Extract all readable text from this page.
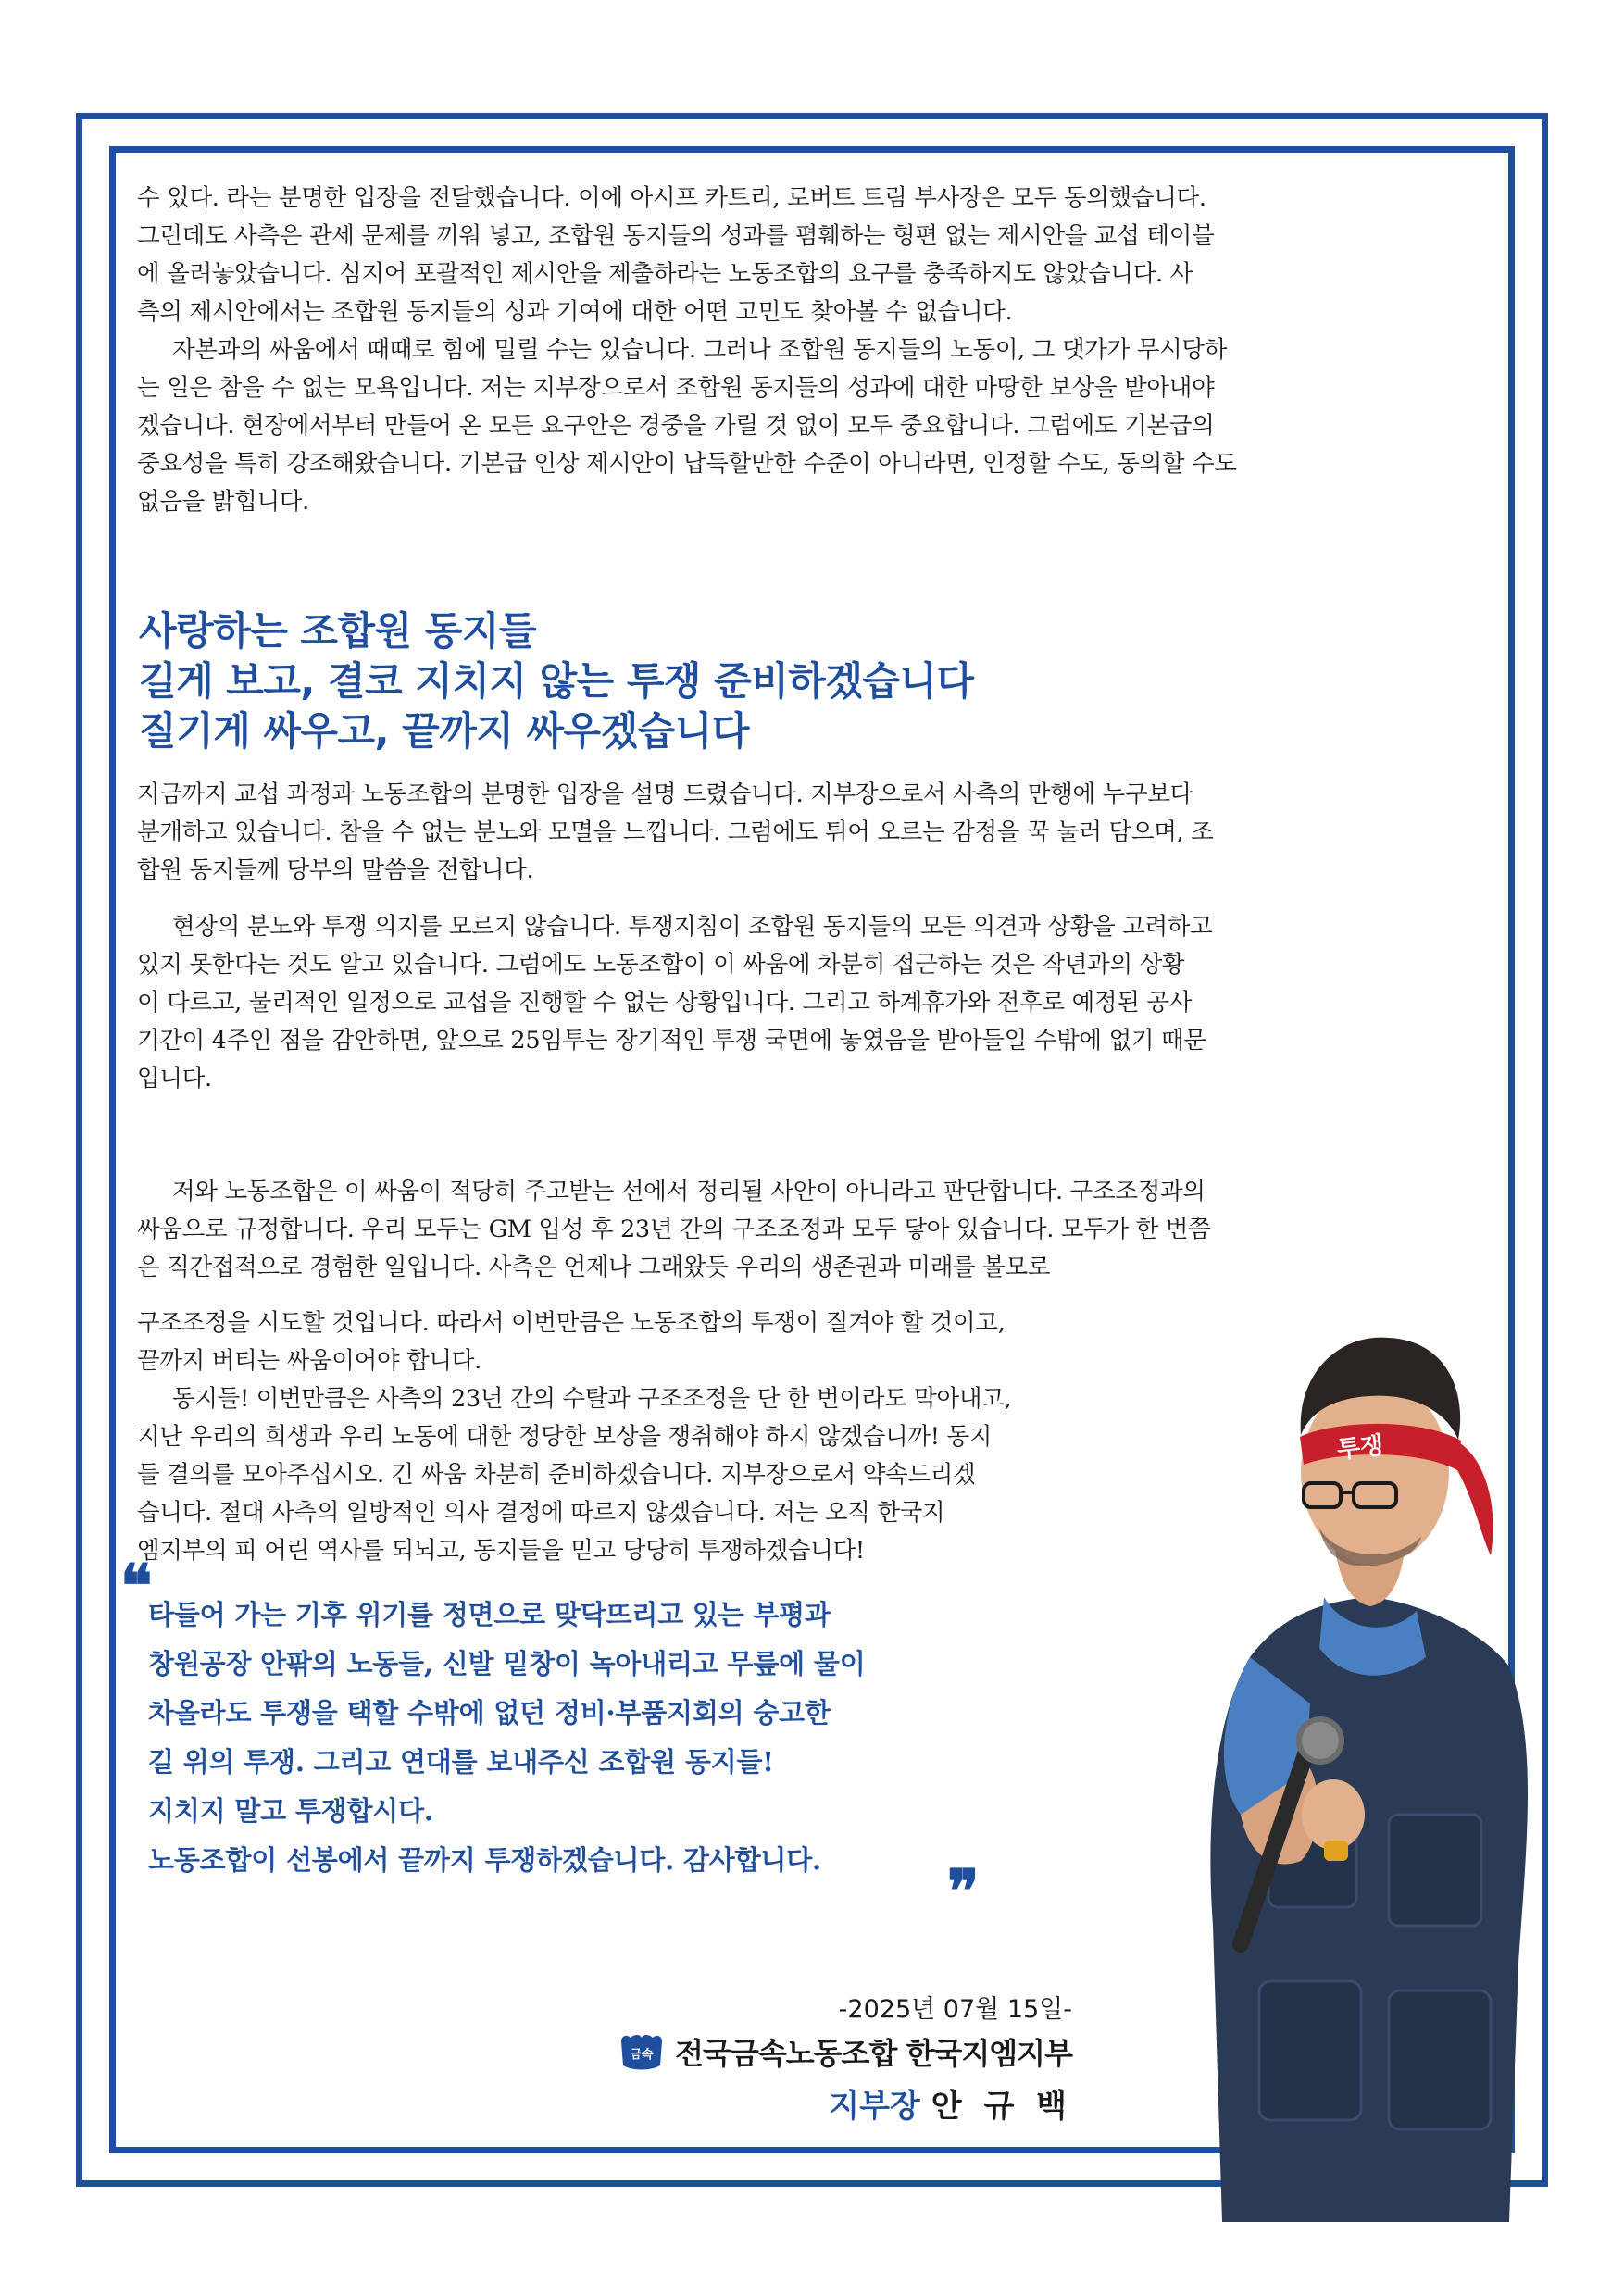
수 있다. 라는 분명한 입장을 전달했습니다. 이에 아시프 카트리, 로버트 트림 부사장은 모두 동의했습니다.
그런데도 사측은 관세 문제를 끼워 넣고, 조합원 동지들의 성과를 폄훼하는 형편 없는 제시안을 교섭 테이블
에 올려놓았습니다. 심지어 포괄적인 제시안을 제출하라는 노동조합의 요구를 충족하지도 않았습니다. 사
측의 제시안에서는 조합원 동지들의 성과 기여에 대한 어떤 고민도 찾아볼 수 없습니다.
자본과의 싸움에서 때때로 힘에 밀릴 수는 있습니다. 그러나 조합원 동지들의 노동이, 그 댓가가 무시당하
는 일은 참을 수 없는 모욕입니다. 저는 지부장으로서 조합원 동지들의 성과에 대한 마땅한 보상을 받아내야
겠습니다. 현장에서부터 만들어 온 모든 요구안은 경중을 가릴 것 없이 모두 중요합니다. 그럼에도 기본급의
중요성을 특히 강조해왔습니다. 기본급 인상 제시안이 납득할만한 수준이 아니라면, 인정할 수도, 동의할 수도
없음을 밝힙니다.
사랑하는 조합원 동지들
길게 보고, 결코 지치지 않는 투쟁 준비하겠습니다
질기게 싸우고, 끝까지 싸우겠습니다
지금까지 교섭 과정과 노동조합의 분명한 입장을 설명 드렸습니다. 지부장으로서 사측의 만행에 누구보다
분개하고 있습니다. 참을 수 없는 분노와 모멸을 느낍니다. 그럼에도 튀어 오르는 감정을 꾹 눌러 담으며, 조
합원 동지들께 당부의 말씀을 전합니다.
현장의 분노와 투쟁 의지를 모르지 않습니다. 투쟁지침이 조합원 동지들의 모든 의견과 상황을 고려하고
있지 못한다는 것도 알고 있습니다. 그럼에도 노동조합이 이 싸움에 차분히 접근하는 것은 작년과의 상황
이 다르고, 물리적인 일정으로 교섭을 진행할 수 없는 상황입니다. 그리고 하계휴가와 전후로 예정된 공사
기간이 4주인 점을 감안하면, 앞으로 25임투는 장기적인 투쟁 국면에 놓였음을 받아들일 수밖에 없기 때문
입니다.
저와 노동조합은 이 싸움이 적당히 주고받는 선에서 정리될 사안이 아니라고 판단합니다. 구조조정과의
싸움으로 규정합니다. 우리 모두는 GM 입성 후 23년 간의 구조조정과 모두 닿아 있습니다. 모두가 한 번쯤
은 직간접적으로 경험한 일입니다. 사측은 언제나 그래왔듯 우리의 생존권과 미래를 볼모로
구조조정을 시도할 것입니다. 따라서 이번만큼은 노동조합의 투쟁이 질겨야 할 것이고,
끝까지 버티는 싸움이어야 합니다.
동지들! 이번만큼은 사측의 23년 간의 수탈과 구조조정을 단 한 번이라도 막아내고,
지난 우리의 희생과 우리 노동에 대한 정당한 보상을 쟁취해야 하지 않겠습니까! 동지
들 결의를 모아주십시오. 긴 싸움 차분히 준비하겠습니다. 지부장으로서 약속드리겠
습니다. 절대 사측의 일방적인 의사 결정에 따르지 않겠습니다. 저는 오직 한국지
엠지부의 피 어린 역사를 되뇌고, 동지들을 믿고 당당히 투쟁하겠습니다!
❝
타들어 가는 기후 위기를 정면으로 맞닥뜨리고 있는 부평과
창원공장 안팎의 노동들, 신발 밑창이 녹아내리고 무릎에 물이
차올라도 투쟁을 택할 수밖에 없던 정비·부품지회의 숭고한
길 위의 투쟁. 그리고 연대를 보내주신 조합원 동지들!
지치지 말고 투쟁합시다.
노동조합이 선봉에서 끝까지 투쟁하겠습니다. 감사합니다.	❞
-2025년 07월 15일-
금속 전국금속노동조합 한국지엠지부
지부장 안 규 백
투쟁
